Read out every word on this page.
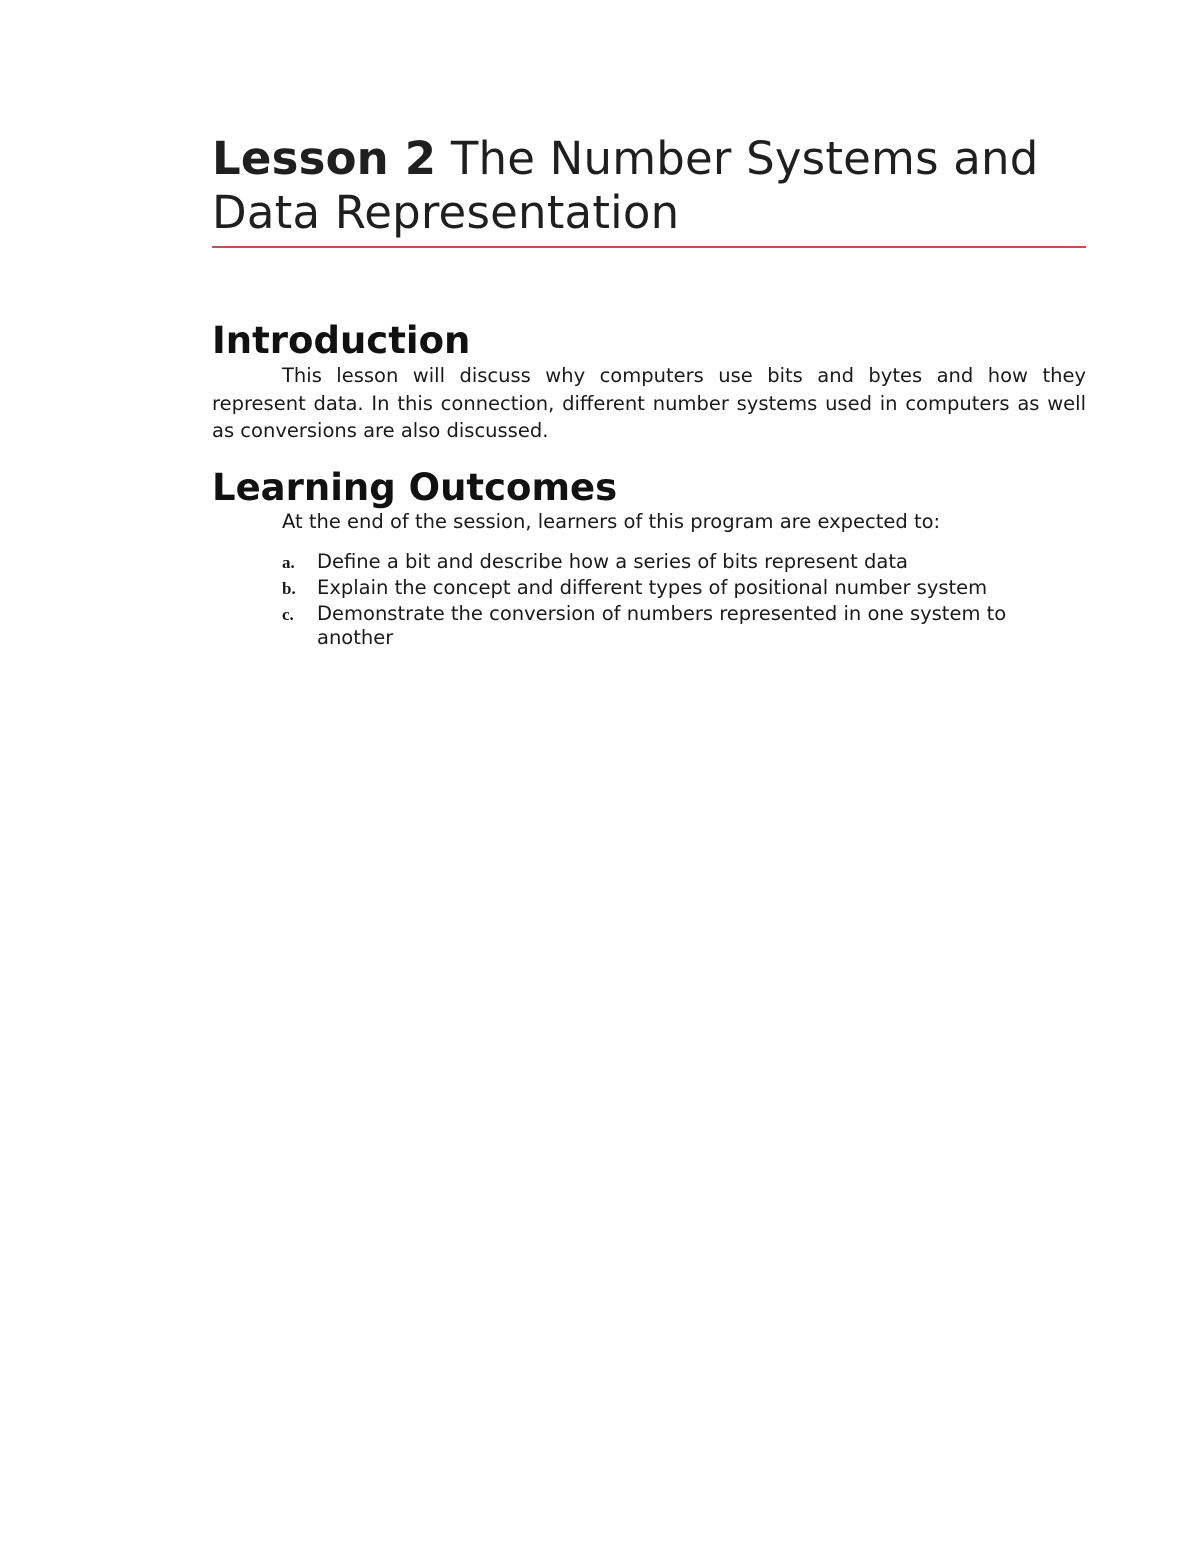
Lesson 2 The Number Systems and Data Representation
Introduction

This lesson will discuss why computers use bits and bytes and how they represent data. In this connection, different number systems used in computers as well as conversions are also discussed.

Learning Outcomes

At the end of the session, learners of this program are expected to:

a.	Define a bit and describe how a series of bits represent data
b.	Explain the concept and different types of positional number system
c.	Demonstrate the conversion of numbers represented in one system to another
